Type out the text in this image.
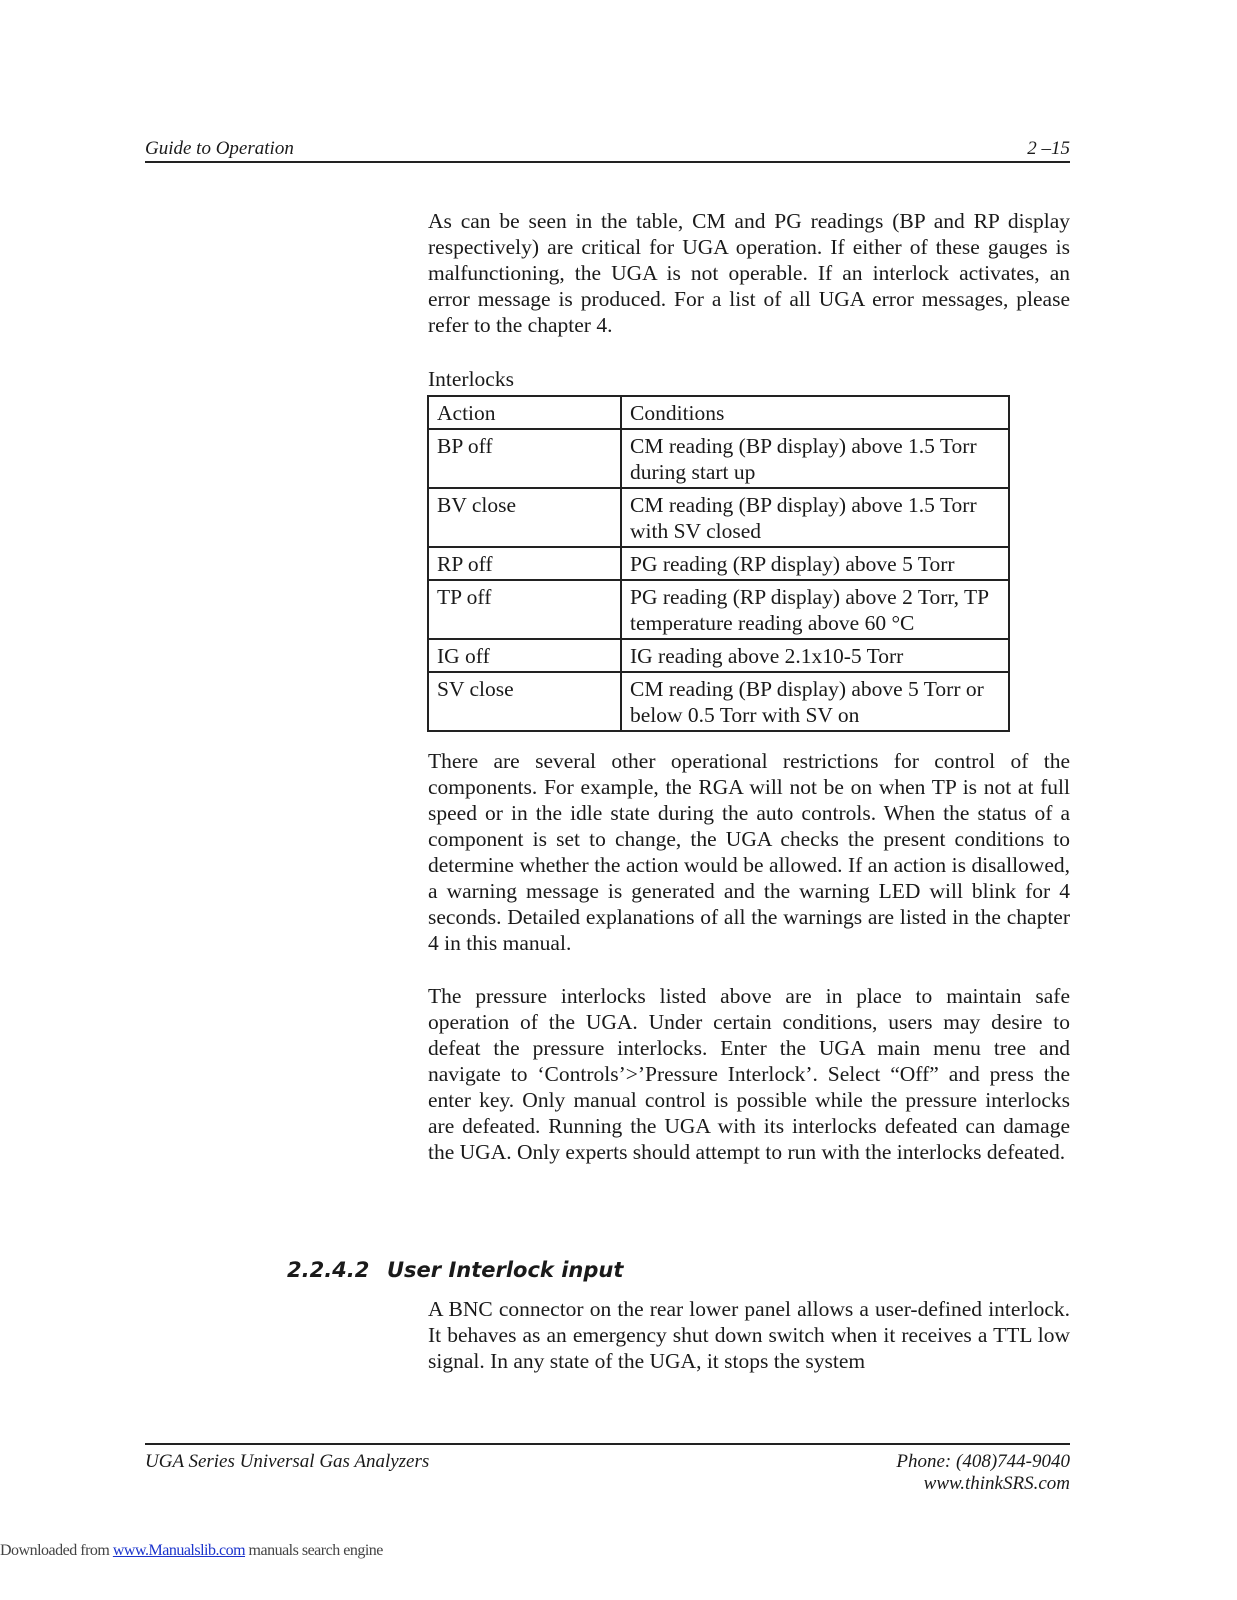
Guide to Operation	2 –15

As can be seen in the table, CM and PG readings (BP and RP display respectively) are critical for UGA operation. If either of these gauges is malfunctioning, the UGA is not operable. If an interlock activates, an error message is produced. For a list of all UGA error messages, please refer to the chapter 4.

Interlocks
Action	Conditions
BP off	CM reading (BP display) above 1.5 Torr during start up
BV close	CM reading (BP display) above 1.5 Torr with SV closed
RP off	PG reading (RP display) above 5 Torr
TP off	PG reading (RP display) above 2 Torr, TP temperature reading above 60 °C
IG off	IG reading above 2.1x10-5 Torr
SV close	CM reading (BP display) above 5 Torr or below 0.5 Torr with SV on

There are several other operational restrictions for control of the components. For example, the RGA will not be on when TP is not at full speed or in the idle state during the auto controls. When the status of a component is set to change, the UGA checks the present conditions to determine whether the action would be allowed. If an action is disallowed, a warning message is generated and the warning LED will blink for 4 seconds. Detailed explanations of all the warnings are listed in the chapter 4 in this manual.

The pressure interlocks listed above are in place to maintain safe operation of the UGA. Under certain conditions, users may desire to defeat the pressure interlocks. Enter the UGA main menu tree and navigate to ‘Controls’>’Pressure Interlock’. Select “Off” and press the enter key. Only manual control is possible while the pressure interlocks are defeated. Running the UGA with its interlocks defeated can damage the UGA. Only experts should attempt to run with the interlocks defeated.

2.2.4.2 User Interlock input

A BNC connector on the rear lower panel allows a user-defined interlock. It behaves as an emergency shut down switch when it receives a TTL low signal. In any state of the UGA, it stops the system

UGA Series Universal Gas Analyzers	Phone: (408)744-9040
www.thinkSRS.com
Downloaded from www.Manualslib.com manuals search engine
